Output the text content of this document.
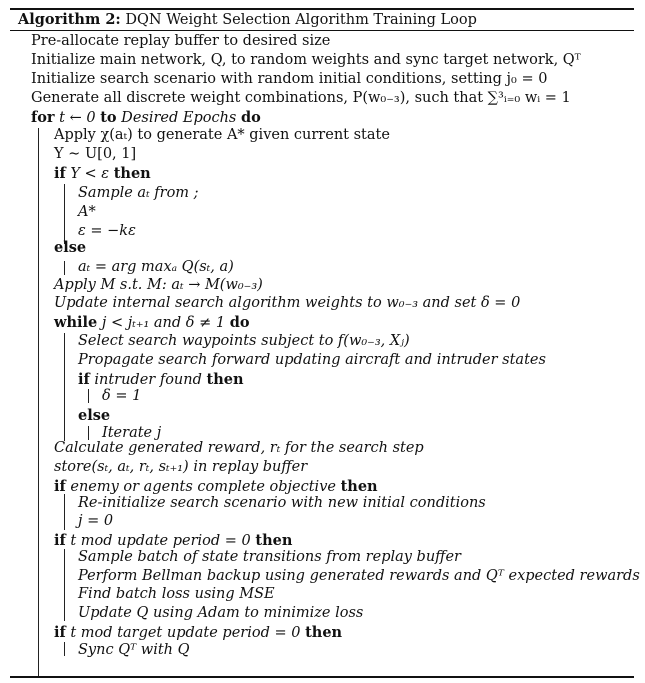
Algorithm 2: DQN Weight Selection Algorithm Training Loop
Pre-allocate replay buffer to desired size
Initialize main network, Q, to random weights and sync target network, Qᵀ
Initialize search scenario with random initial conditions, setting j₀ = 0
Generate all discrete weight combinations, P(w₀₋₃), such that ∑³ᵢ₌₀ wᵢ = 1
for t ← 0 to Desired Epochs do
Apply χ(aₜ) to generate A* given current state
Y ∼ U[0, 1]
if Y < ε then
Sample aₜ from ;
A*
ε = −kε
else
aₜ = arg maxₐ Q(sₜ, a)
Apply M s.t. M: aₜ → M(w₀₋₃)
Update internal search algorithm weights to w₀₋₃ and set δ = 0
while j < jₜ₊₁ and δ ≠ 1 do
Select search waypoints subject to f(w₀₋₃, Xⱼ)
Propagate search forward updating aircraft and intruder states
if intruder found then
δ = 1
else
Iterate j
Calculate generated reward, rₜ for the search step
store(sₜ, aₜ, rₜ, sₜ₊₁) in replay buffer
if enemy or agents complete objective then
Re-initialize search scenario with new initial conditions
j = 0
if t mod update period = 0 then
Sample batch of state transitions from replay buffer
Perform Bellman backup using generated rewards and Qᵀ expected rewards
Find batch loss using MSE
Update Q using Adam to minimize loss
if t mod target update period = 0 then
Sync Qᵀ with Q
